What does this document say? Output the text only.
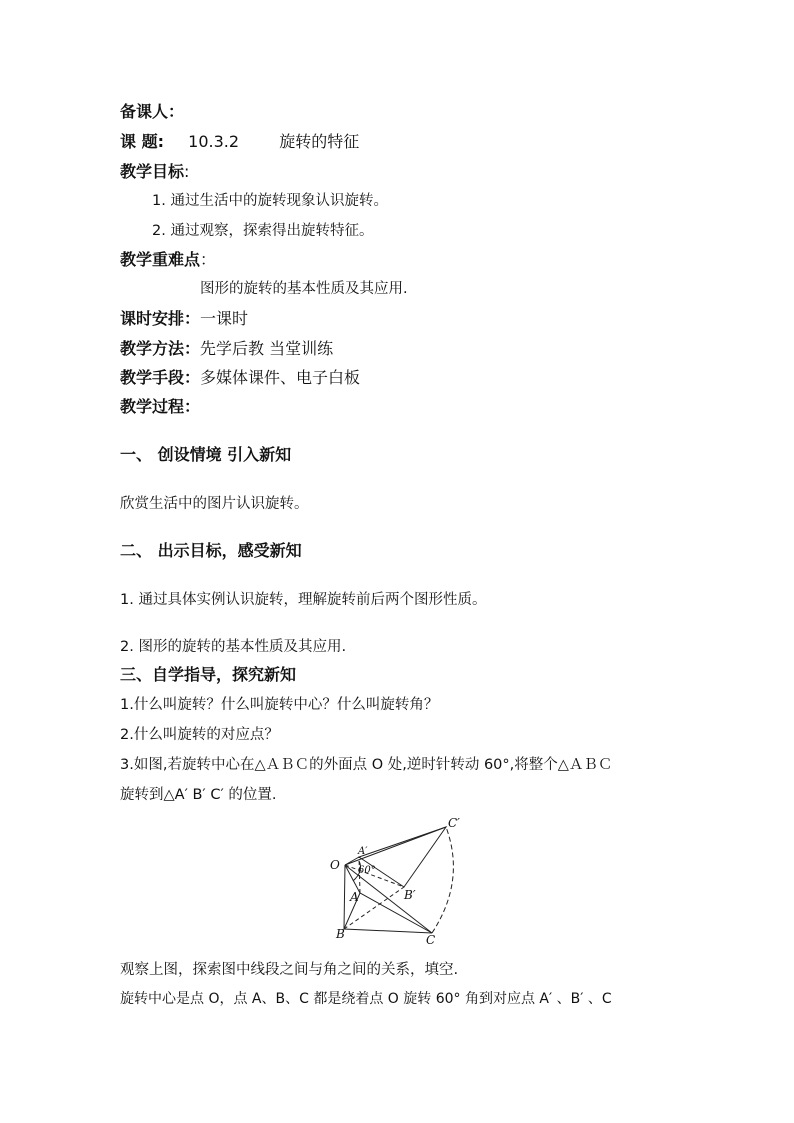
备课人：
课 题: 10.3.2	旋转的特征
教学目标:
1. 通过生活中的旋转现象认识旋转。
2. 通过观察，探索得出旋转特征。
教学重难点：
图形的旋转的基本性质及其应用.
课时安排：一课时
教学方法：先学后教 当堂训练
教学手段：多媒体课件、电子白板
教学过程：
一、 创设情境 引入新知
欣赏生活中的图片认识旋转。
二、 出示目标，感受新知
1. 通过具体实例认识旋转，理解旋转前后两个图形性质。
2. 图形的旋转的基本性质及其应用.
三、自学指导，探究新知
1.什么叫旋转？什么叫旋转中心？什么叫旋转角？
2.什么叫旋转的对应点？
3.如图,若旋转中心在△ＡＢＣ的外面点 O 处,逆时针转动 60°,将整个△ＡＢＣ
旋转到△A′ B′ C′ 的位置.
O
A′
60°
C′
B′
A
B	C
观察上图，探索图中线段之间与角之间的关系，填空.
旋转中心是点 O，点 A、B、C 都是绕着点 O 旋转 60° 角到对应点 A′ 、B′ 、C
